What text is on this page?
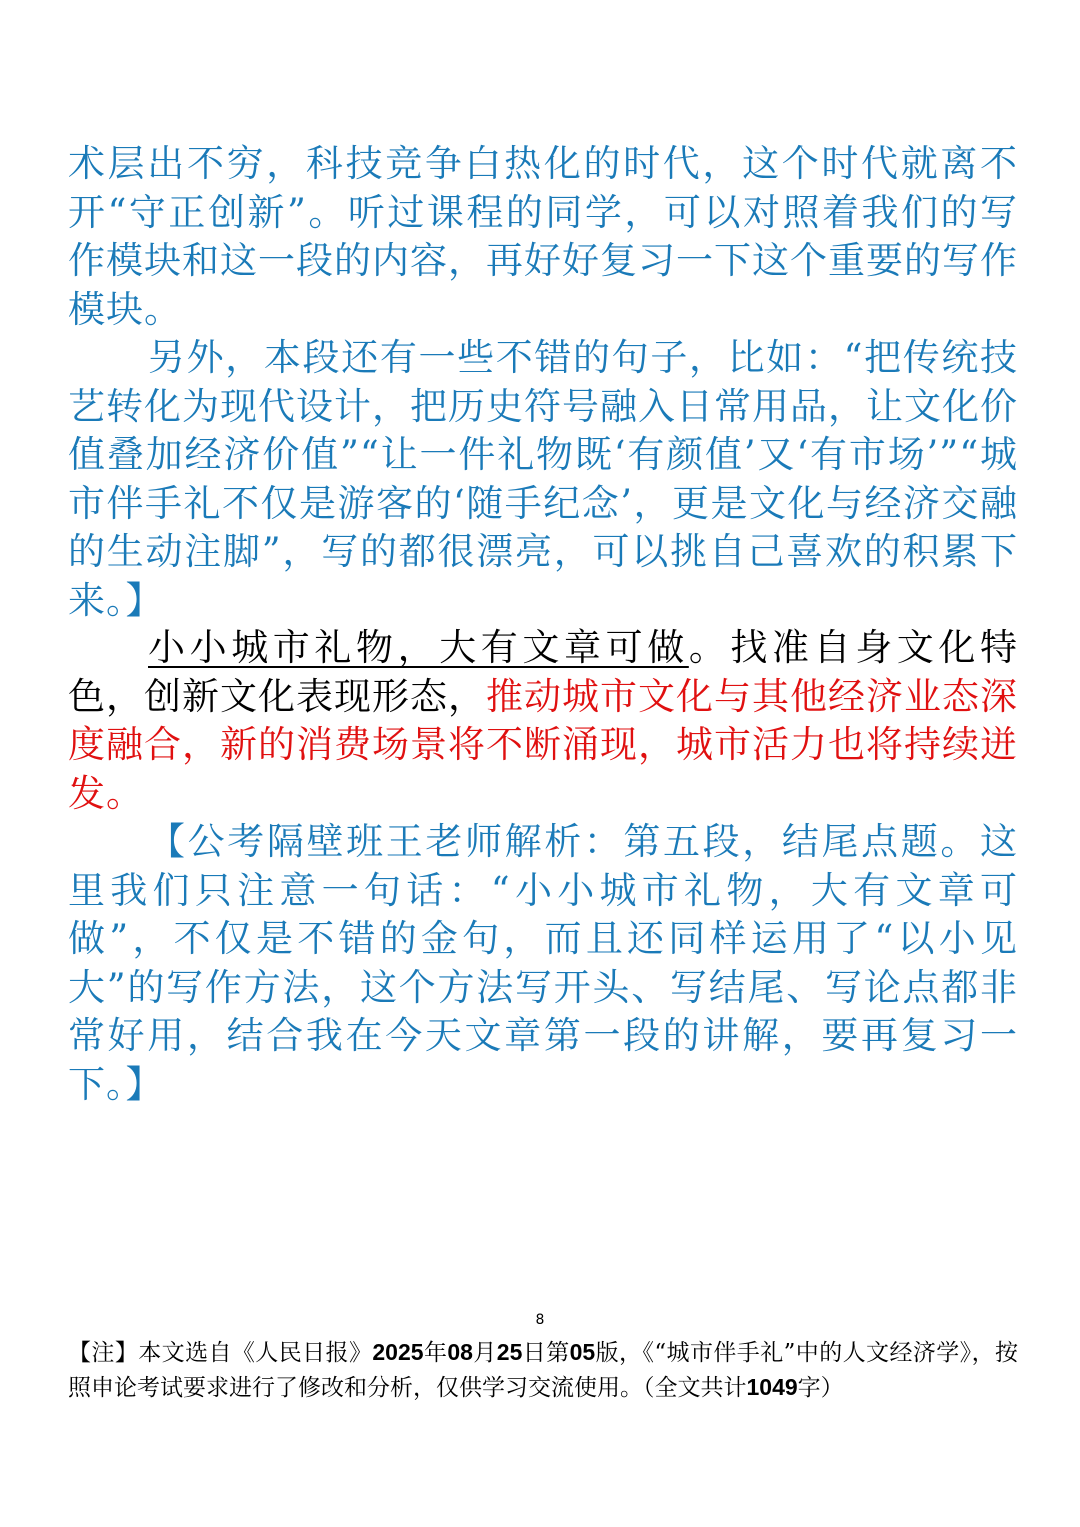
术层出不穷，科技竞争白热化的时代，这个时代就离不开“守正创新”。听过课程的同学，可以对照着我们的写作模块和这一段的内容，再好好复习一下这个重要的写作模块。

另外，本段还有一些不错的句子，比如：“把传统技艺转化为现代设计，把历史符号融入日常用品，让文化价值叠加经济价值”“让一件礼物既‘有颜值’又‘有市场’”“城市伴手礼不仅是游客的‘随手纪念’，更是文化与经济交融的生动注脚”，写的都很漂亮，可以挑自己喜欢的积累下来。】

小小城市礼物，大有文章可做。找准自身文化特色，创新文化表现形态，推动城市文化与其他经济业态深度融合，新的消费场景将不断涌现，城市活力也将持续迸发。

【公考隔壁班王老师解析：第五段，结尾点题。这里我们只注意一句话：“小小城市礼物，大有文章可做”，不仅是不错的金句，而且还同样运用了“以小见大”的写作方法，这个方法写开头、写结尾、写论点都非常好用，结合我在今天文章第一段的讲解，要再复习一下。】

8
【注】本文选自《人民日报》2025年08月25日第05版，《“城市伴手礼”中的人文经济学》，按照申论考试要求进行了修改和分析，仅供学习交流使用。（全文共计1049字）
